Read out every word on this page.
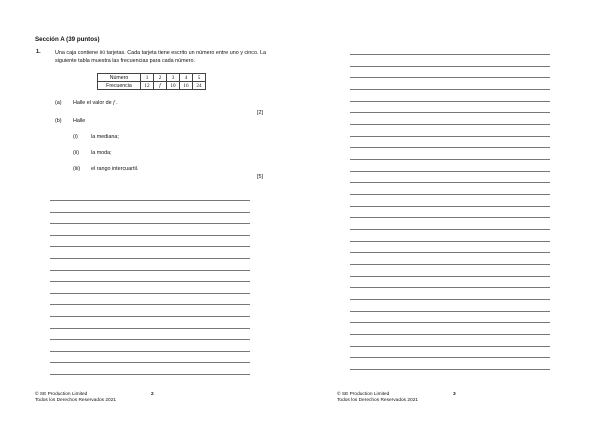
Sección A (39 puntos)
1.	Una caja contiene 80 tarjetas. Cada tarjeta tiene escrito un número entre uno y cinco. La siguiente tabla muestra las frecuencias para cada número.
Número	1	2	3	4	5
Frecuencia	12	f	10	16	24
(a) Halle el valor de f .
[2]
(b) Halle
(i) la mediana;
(ii) la moda;
(iii) el rango intercuartil.
[5]
© SE Production Limited
Todos los Derechos Reservados 2021
2	© SE Production Limited
Todos los Derechos Reservados 2021
3
